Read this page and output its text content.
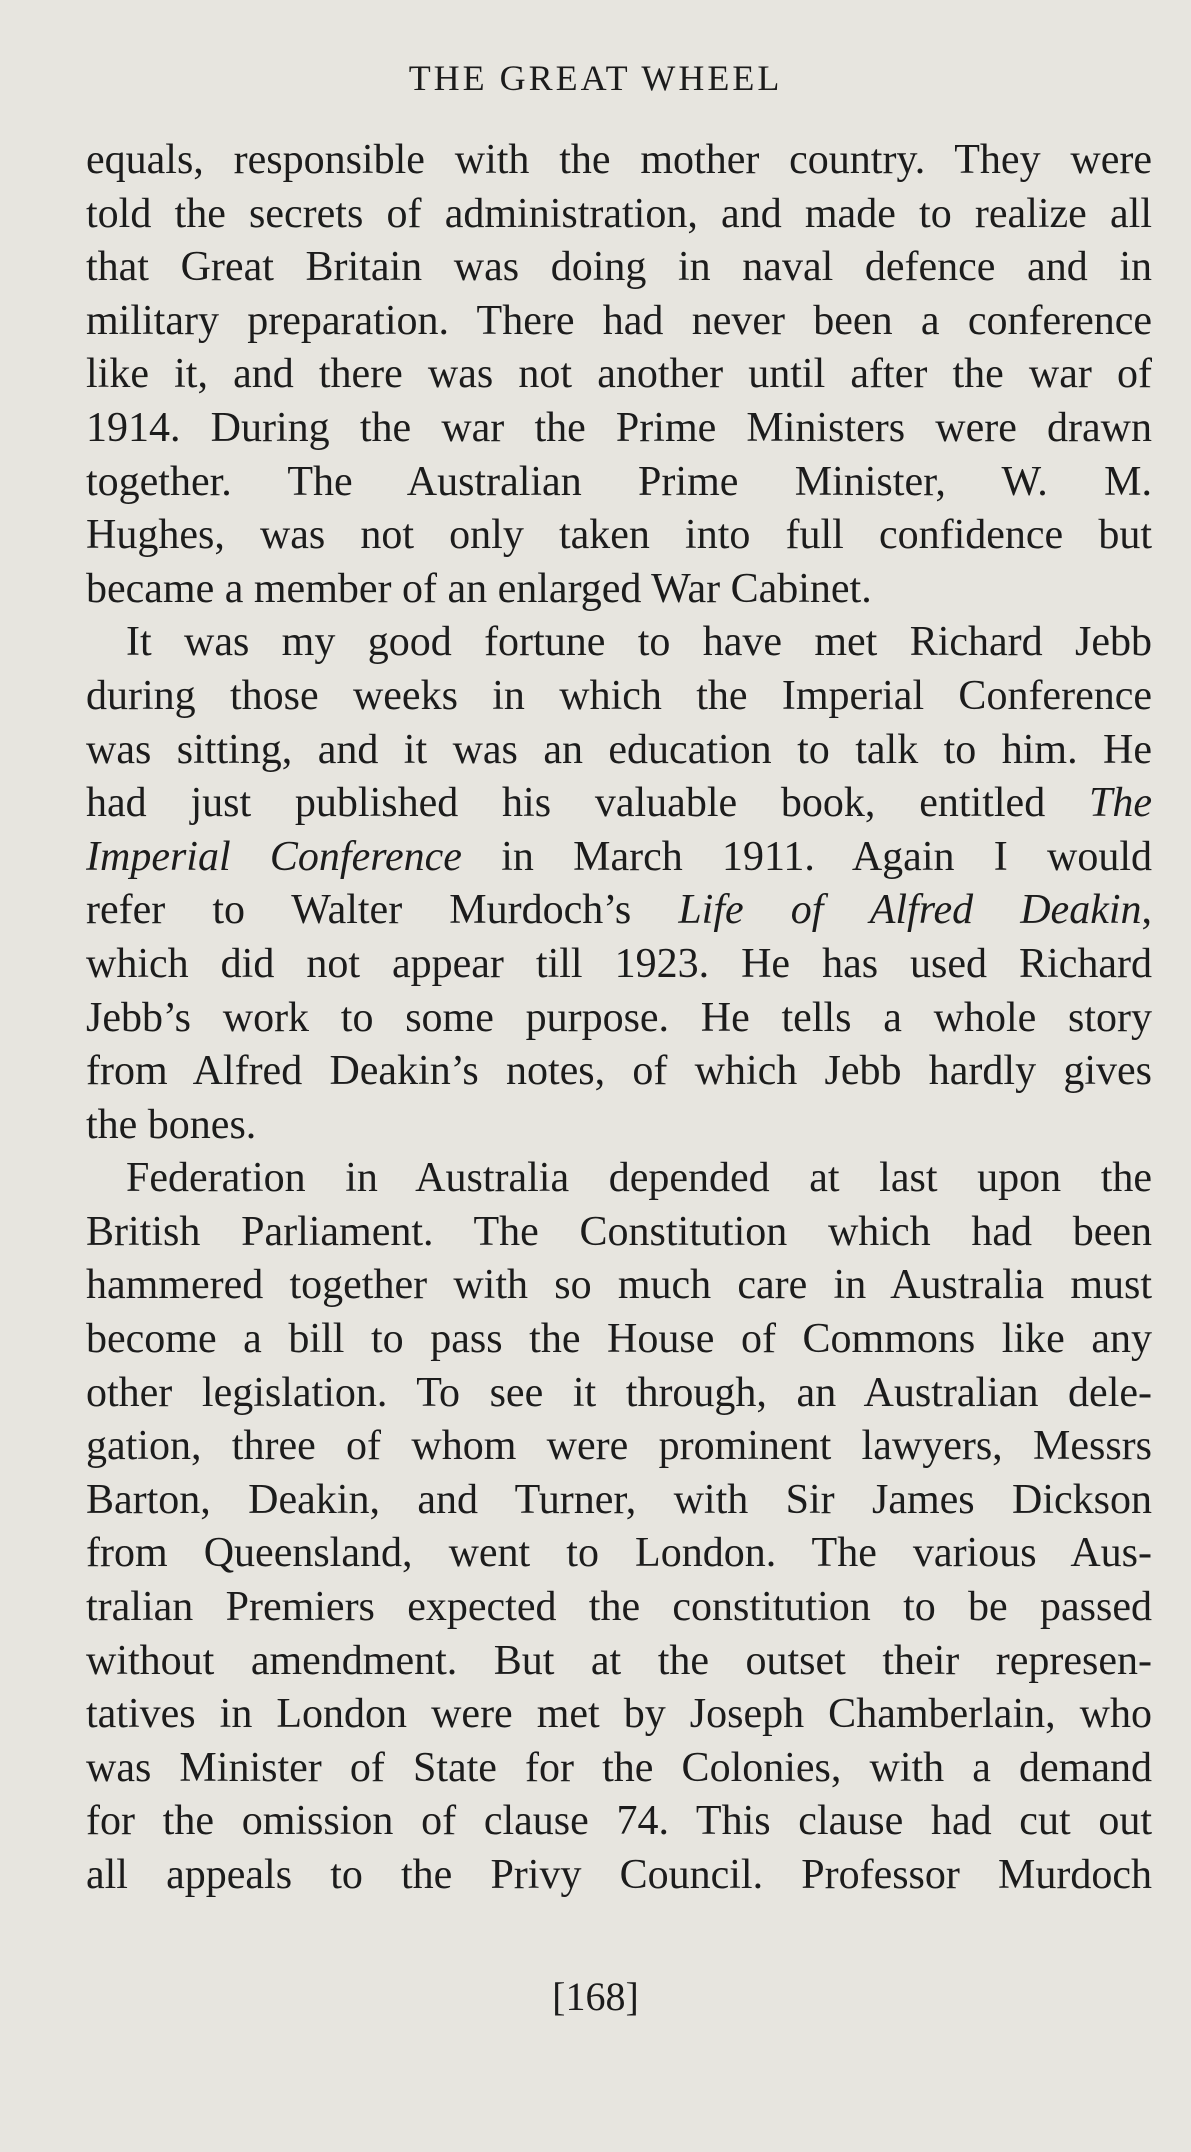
THE GREAT WHEEL
equals, responsible with the mother country. They were
told the secrets of administration, and made to realize all
that Great Britain was doing in naval defence and in
military preparation. There had never been a conference
like it, and there was not another until after the war of
1914. During the war the Prime Ministers were drawn
together. The Australian Prime Minister, W. M.
Hughes, was not only taken into full confidence but
became a member of an enlarged War Cabinet.
It was my good fortune to have met Richard Jebb
during those weeks in which the Imperial Conference
was sitting, and it was an education to talk to him. He
had just published his valuable book, entitled The
Imperial Conference in March 1911. Again I would
refer to Walter Murdoch’s Life of Alfred Deakin,
which did not appear till 1923. He has used Richard
Jebb’s work to some purpose. He tells a whole story
from Alfred Deakin’s notes, of which Jebb hardly gives
the bones.
Federation in Australia depended at last upon the
British Parliament. The Constitution which had been
hammered together with so much care in Australia must
become a bill to pass the House of Commons like any
other legislation. To see it through, an Australian dele-
gation, three of whom were prominent lawyers, Messrs
Barton, Deakin, and Turner, with Sir James Dickson
from Queensland, went to London. The various Aus-
tralian Premiers expected the constitution to be passed
without amendment. But at the outset their represen-
tatives in London were met by Joseph Chamberlain, who
was Minister of State for the Colonies, with a demand
for the omission of clause 74. This clause had cut out
all appeals to the Privy Council. Professor Murdoch
[168]
